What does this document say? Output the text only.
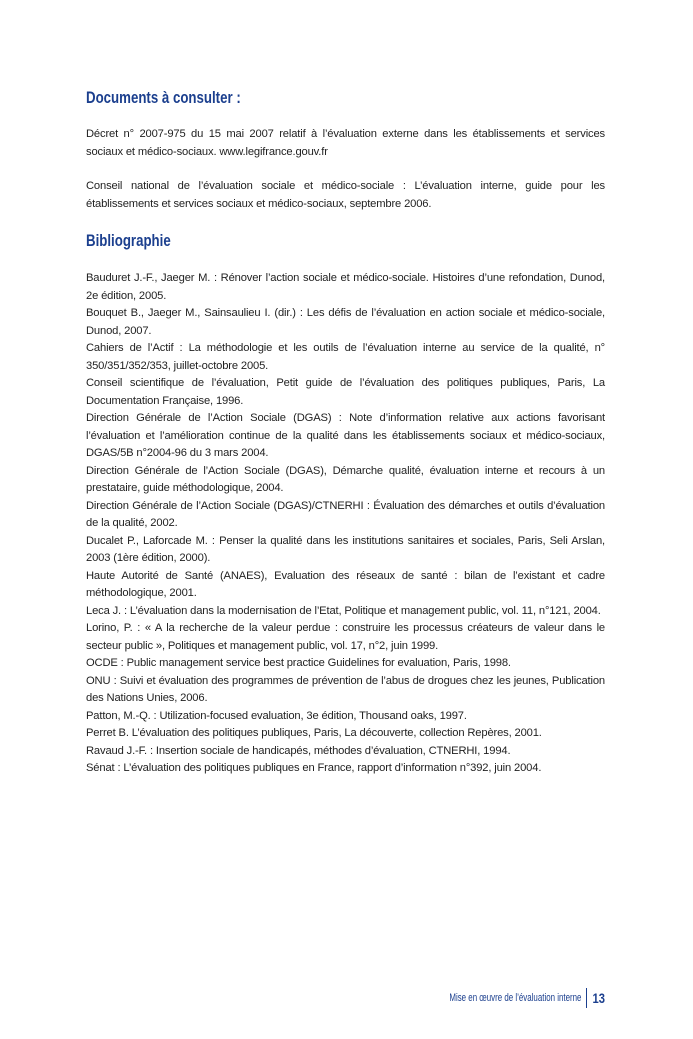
Documents à consulter :

Décret n° 2007-975 du 15 mai 2007 relatif à l’évaluation externe dans les établissements et services sociaux et médico-sociaux. www.legifrance.gouv.fr

Conseil national de l’évaluation sociale et médico-sociale : L’évaluation interne, guide pour les établissements et services sociaux et médico-sociaux, septembre 2006.

Bibliographie
Bauduret J.-F., Jaeger M. : Rénover l’action sociale et médico-sociale. Histoires d’une refondation, Dunod, 2e édition, 2005.
Bouquet B., Jaeger M., Sainsaulieu I. (dir.) : Les défis de l’évaluation en action sociale et médico-sociale, Dunod, 2007.
Cahiers de l’Actif : La méthodologie et les outils de l’évaluation interne au service de la qualité, n° 350/351/352/353, juillet-octobre 2005.
Conseil scientifique de l’évaluation, Petit guide de l’évaluation des politiques publiques, Paris, La Documentation Française, 1996.
Direction Générale de l’Action Sociale (DGAS) : Note d’information relative aux actions favorisant l’évaluation et l’amélioration continue de la qualité dans les établissements sociaux et médico-sociaux, DGAS/5B n°2004-96 du 3 mars 2004.
Direction Générale de l’Action Sociale (DGAS), Démarche qualité, évaluation interne et recours à un prestataire, guide méthodologique, 2004.
Direction Générale de l’Action Sociale (DGAS)/CTNERHI : Évaluation des démarches et outils d’évaluation de la qualité, 2002.
Ducalet P., Laforcade M. : Penser la qualité dans les institutions sanitaires et sociales, Paris, Seli Arslan, 2003 (1ère édition, 2000).
Haute Autorité de Santé (ANAES), Evaluation des réseaux de santé : bilan de l’existant et cadre méthodologique, 2001.
Leca J. : L’évaluation dans la modernisation de l’Etat, Politique et management public, vol. 11, n°121, 2004.
Lorino, P. : « A la recherche de la valeur perdue : construire les processus créateurs de valeur dans le secteur public », Politiques et management public, vol. 17, n°2, juin 1999.
OCDE : Public management service best practice Guidelines for evaluation, Paris, 1998.
ONU : Suivi et évaluation des programmes de prévention de l’abus de drogues chez les jeunes, Publication des Nations Unies, 2006.
Patton, M.-Q. : Utilization-focused evaluation, 3e édition, Thousand oaks, 1997.
Perret B. L’évaluation des politiques publiques, Paris, La découverte, collection Repères, 2001.
Ravaud J.-F. : Insertion sociale de handicapés, méthodes d’évaluation, CTNERHI, 1994.
Sénat : L’évaluation des politiques publiques en France, rapport d’information n°392, juin 2004.
Mise en œuvre de l’évaluation interne 13
